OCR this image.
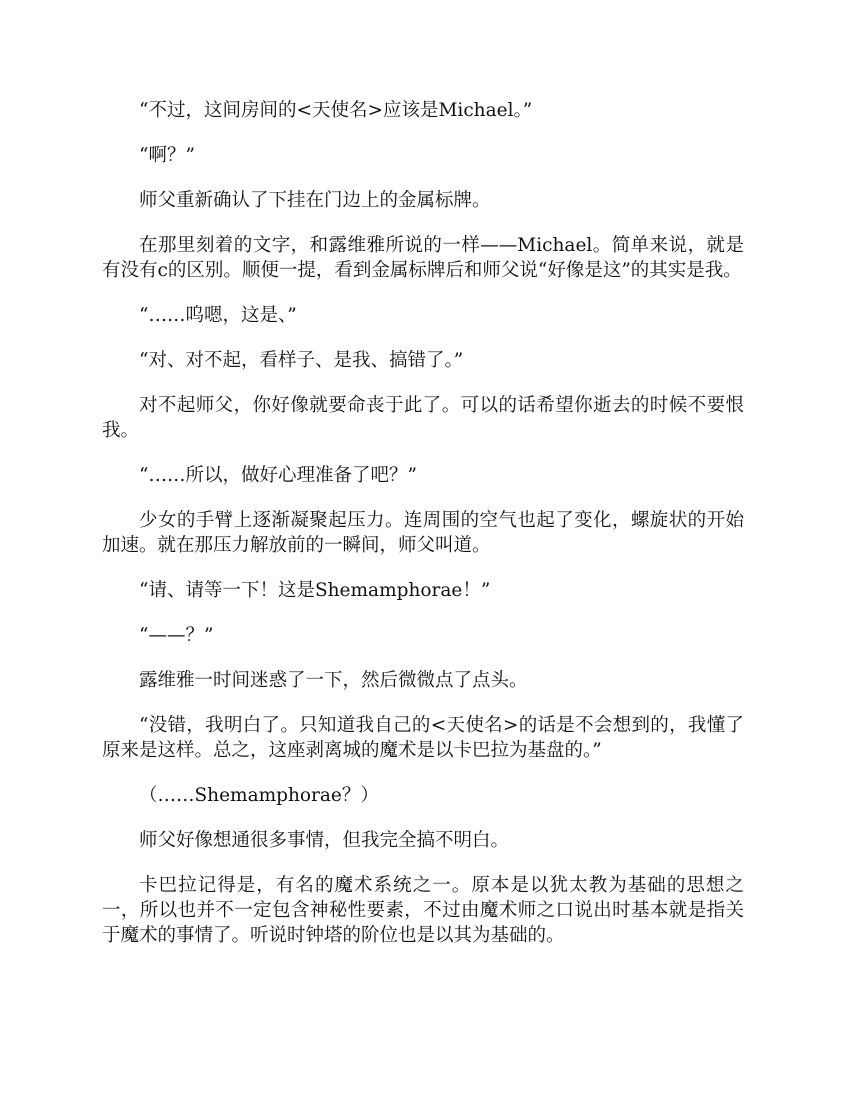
“不过，这间房间的<天使名>应该是Michael。”

“啊？”

师父重新确认了下挂在门边上的金属标牌。

在那里刻着的文字，和露维雅所说的一样——Michael。简单来说，就是有没有c的区别。顺便一提，看到金属标牌后和师父说“好像是这”的其实是我。

“……呜嗯，这是、”

“对、对不起，看样子、是我、搞错了。”

对不起师父，你好像就要命丧于此了。可以的话希望你逝去的时候不要恨我。

“……所以，做好心理准备了吧？”

少女的手臂上逐渐凝聚起压力。连周围的空气也起了变化，螺旋状的开始加速。就在那压力解放前的一瞬间，师父叫道。

“请、请等一下！这是Shemamphorae！”

“——？”

露维雅一时间迷惑了一下，然后微微点了点头。

“没错，我明白了。只知道我自己的<天使名>的话是不会想到的，我懂了原来是这样。总之，这座剥离城的魔术是以卡巴拉为基盘的。”

（……Shemamphorae？）

师父好像想通很多事情，但我完全搞不明白。

卡巴拉记得是，有名的魔术系统之一。原本是以犹太教为基础的思想之一，所以也并不一定包含神秘性要素，不过由魔术师之口说出时基本就是指关于魔术的事情了。听说时钟塔的阶位也是以其为基础的。
